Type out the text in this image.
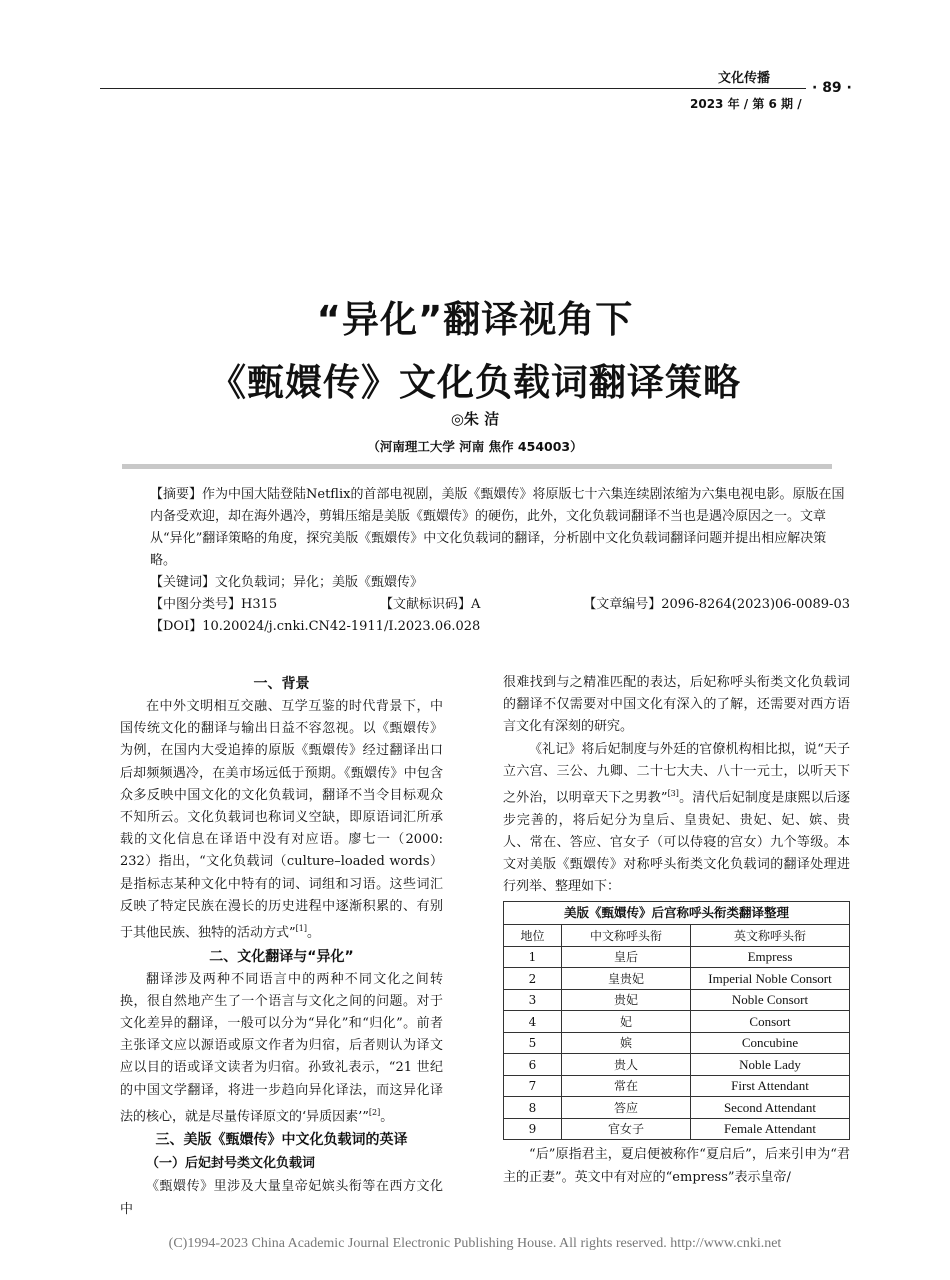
文化传播
· 89 ·
2023 年 / 第 6 期 /
“异化”翻译视角下
《甄嬛传》文化负载词翻译策略
◎朱 洁
（河南理工大学 河南 焦作 454003）

【摘要】作为中国大陆登陆Netflix的首部电视剧，美版《甄嬛传》将原版七十六集连续剧浓缩为六集电视电影。原版在国内备受欢迎，却在海外遇冷，剪辑压缩是美版《甄嬛传》的硬伤，此外，文化负载词翻译不当也是遇冷原因之一。文章从“异化”翻译策略的角度，探究美版《甄嬛传》中文化负载词的翻译，分析剧中文化负载词翻译问题并提出相应解决策略。

【关键词】文化负载词；异化；美版《甄嬛传》

【中图分类号】H315	【文献标识码】A	【文章编号】2096-8264(2023)06-0089-03

【DOI】10.20024/j.cnki.CN42-1911/I.2023.06.028

一、背景

在中外文明相互交融、互学互鉴的时代背景下，中国传统文化的翻译与输出日益不容忽视。以《甄嬛传》为例，在国内大受追捧的原版《甄嬛传》经过翻译出口后却频频遇冷，在美市场远低于预期。《甄嬛传》中包含众多反映中国文化的文化负载词，翻译不当令目标观众不知所云。文化负载词也称词义空缺，即原语词汇所承载的文化信息在译语中没有对应语。廖七一（2000: 232）指出，“文化负载词（culture–loaded words）是指标志某种文化中特有的词、词组和习语。这些词汇反映了特定民族在漫长的历史进程中逐渐积累的、有别于其他民族、独特的活动方式”[1]。

二、文化翻译与“异化”

翻译涉及两种不同语言中的两种不同文化之间转换，很自然地产生了一个语言与文化之间的问题。对于文化差异的翻译，一般可以分为“异化”和“归化”。前者主张译文应以源语或原文作者为归宿，后者则认为译文应以目的语或译文读者为归宿。孙致礼表示，“21 世纪的中国文学翻译，将进一步趋向异化译法，而这异化译法的核心，就是尽量传译原文的‘异质因素’”[2]。

三、美版《甄嬛传》中文化负载词的英译
（一）后妃封号类文化负载词

《甄嬛传》里涉及大量皇帝妃嫔头衔等在西方文化中

很难找到与之精准匹配的表达，后妃称呼头衔类文化负载词的翻译不仅需要对中国文化有深入的了解，还需要对西方语言文化有深刻的研究。

《礼记》将后妃制度与外廷的官僚机构相比拟，说“天子立六宫、三公、九卿、二十七大夫、八十一元士，以听天下之外治，以明章天下之男教”[3]。清代后妃制度是康熙以后逐步完善的，将后妃分为皇后、皇贵妃、贵妃、妃、嫔、贵人、常在、答应、官女子（可以侍寝的宫女）九个等级。本文对美版《甄嬛传》对称呼头衔类文化负载词的翻译处理进行列举、整理如下：

美版《甄嬛传》后宫称呼头衔类翻译整理
地位	中文称呼头衔	英文称呼头衔
1	皇后	Empress
2	皇贵妃	Imperial Noble Consort
3	贵妃	Noble Consort
4	妃	Consort
5	嫔	Concubine
6	贵人	Noble Lady
7	常在	First Attendant
8	答应	Second Attendant
9	官女子	Female Attendant

“后”原指君主，夏启便被称作“夏启后”，后来引申为“君主的正妻”。英文中有对应的“empress”表示皇帝/

(C)1994-2023 China Academic Journal Electronic Publishing House. All rights reserved. http://www.cnki.net
